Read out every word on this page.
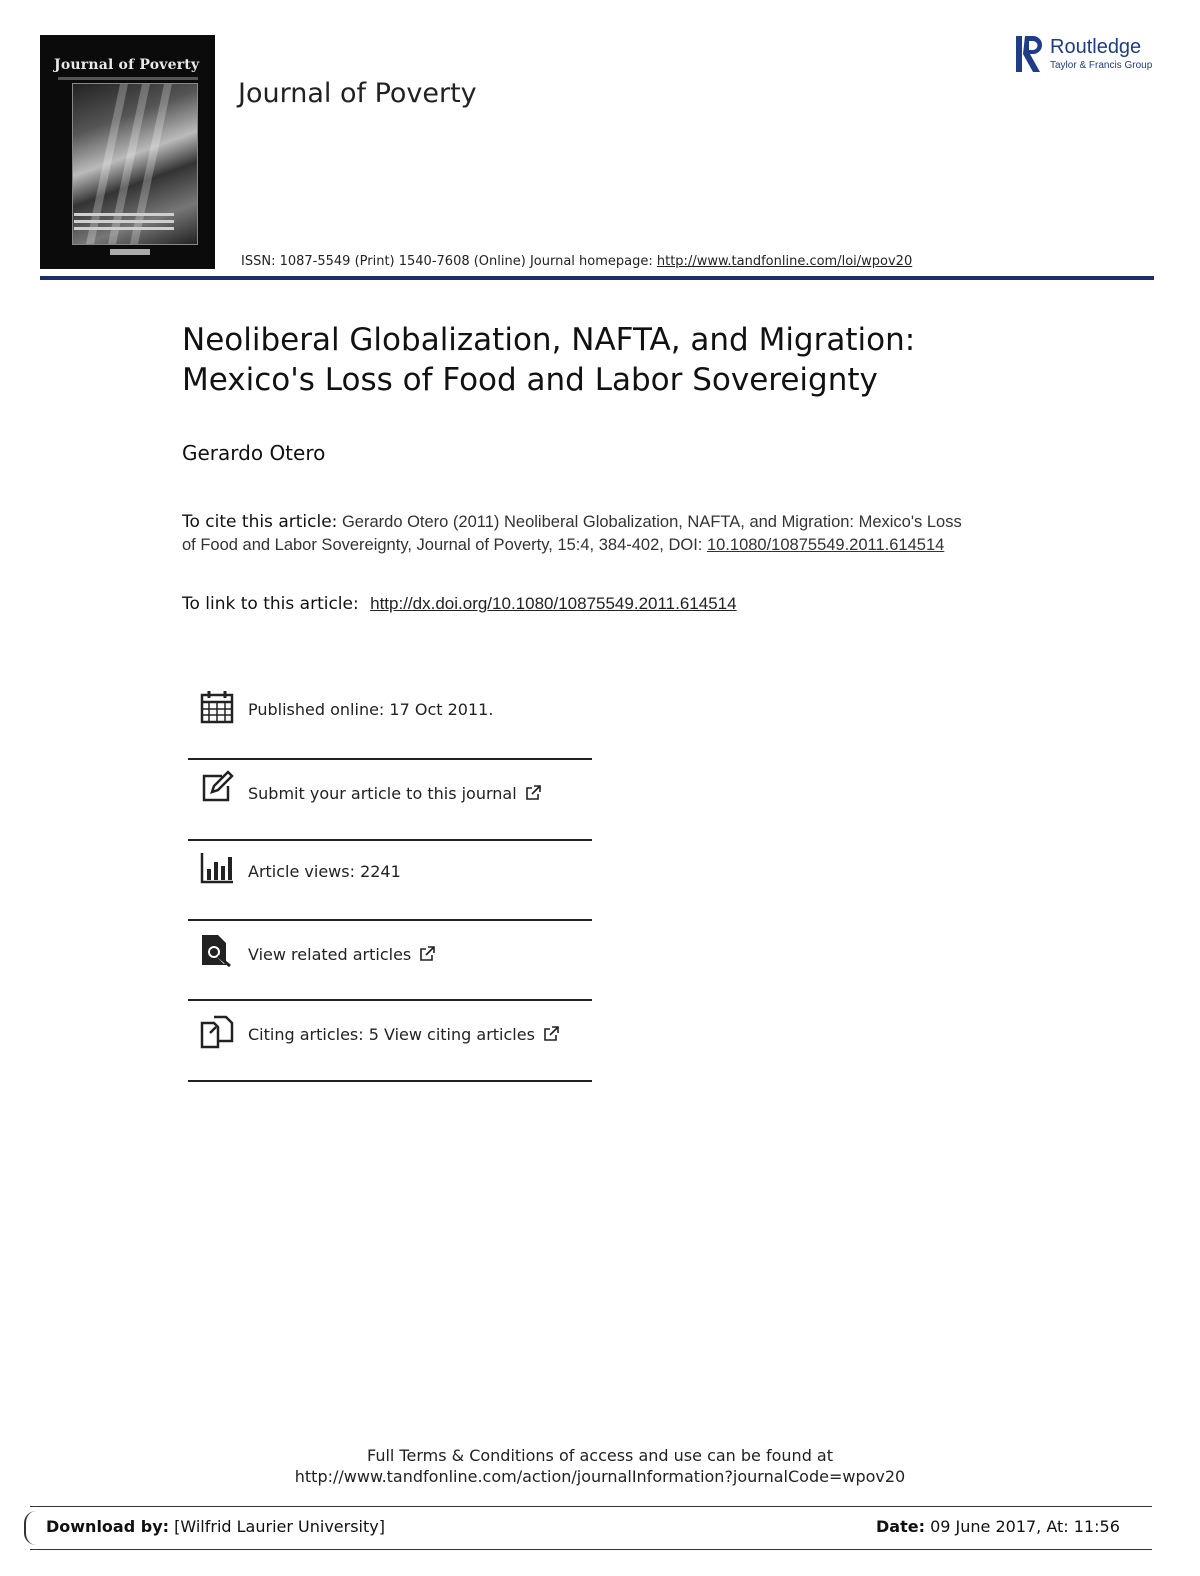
Journal of Poverty
Journal of Poverty
Routledge
Taylor & Francis Group
ISSN: 1087-5549 (Print) 1540-7608 (Online) Journal homepage: http://www.tandfonline.com/loi/wpov20
Neoliberal Globalization, NAFTA, and Migration:
Mexico's Loss of Food and Labor Sovereignty
Gerardo Otero
To cite this article: Gerardo Otero (2011) Neoliberal Globalization, NAFTA, and Migration: Mexico's Loss of Food and Labor Sovereignty, Journal of Poverty, 15:4, 384-402, DOI: 10.1080/10875549.2011.614514
To link to this article: http://dx.doi.org/10.1080/10875549.2011.614514
Published online: 17 Oct 2011.
Submit your article to this journal
Article views: 2241
View related articles
Citing articles: 5 View citing articles
Full Terms & Conditions of access and use can be found at
http://www.tandfonline.com/action/journalInformation?journalCode=wpov20
Download by: [Wilfrid Laurier University]	Date: 09 June 2017, At: 11:56
